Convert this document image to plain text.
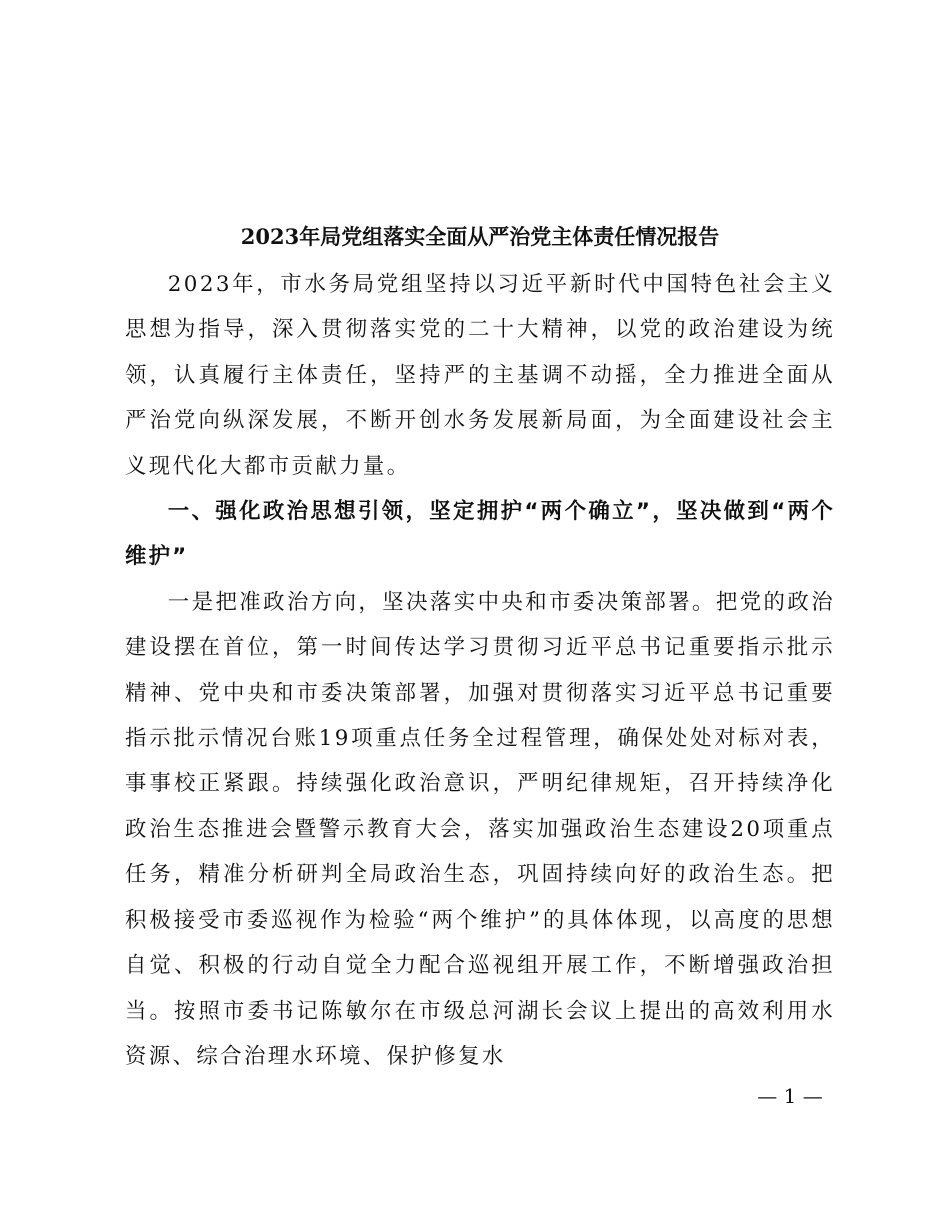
2023年局党组落实全面从严治党主体责任情况报告

2023年，市水务局党组坚持以习近平新时代中国特色社会主义思想为指导，深入贯彻落实党的二十大精神，以党的政治建设为统领，认真履行主体责任，坚持严的主基调不动摇，全力推进全面从严治党向纵深发展，不断开创水务发展新局面，为全面建设社会主义现代化大都市贡献力量。

一、强化政治思想引领，坚定拥护“两个确立”，坚决做到“两个维护”

一是把准政治方向，坚决落实中央和市委决策部署。把党的政治建设摆在首位，第一时间传达学习贯彻习近平总书记重要指示批示精神、党中央和市委决策部署，加强对贯彻落实习近平总书记重要指示批示情况台账19项重点任务全过程管理，确保处处对标对表，事事校正紧跟。持续强化政治意识，严明纪律规矩，召开持续净化政治生态推进会暨警示教育大会，落实加强政治生态建设20项重点任务，精准分析研判全局政治生态，巩固持续向好的政治生态。把积极接受市委巡视作为检验“两个维护”的具体体现，以高度的思想自觉、积极的行动自觉全力配合巡视组开展工作，不断增强政治担当。按照市委书记陈敏尔在市级总河湖长会议上提出的高效利用水资源、综合治理水环境、保护修复水

— 1 —
